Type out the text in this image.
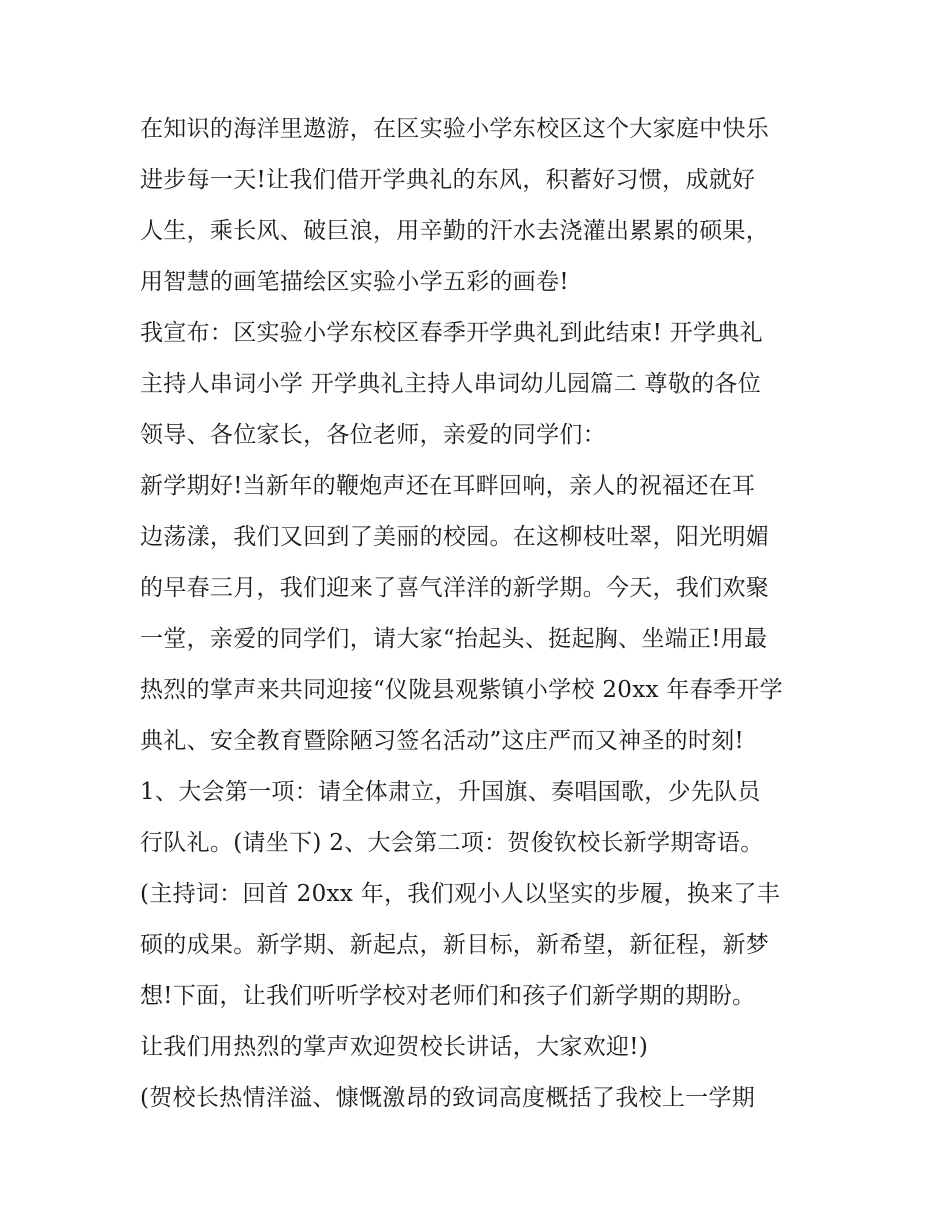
在知识的海洋里遨游，在区实验小学东校区这个大家庭中快乐
进步每一天!让我们借开学典礼的东风，积蓄好习惯，成就好
人生，乘长风、破巨浪，用辛勤的汗水去浇灌出累累的硕果，
用智慧的画笔描绘区实验小学五彩的画卷!
我宣布：区实验小学东校区春季开学典礼到此结束! 开学典礼
主持人串词小学 开学典礼主持人串词幼儿园篇二 尊敬的各位
领导、各位家长，各位老师，亲爱的同学们：
新学期好!当新年的鞭炮声还在耳畔回响，亲人的祝福还在耳
边荡漾，我们又回到了美丽的校园。在这柳枝吐翠，阳光明媚
的早春三月，我们迎来了喜气洋洋的新学期。今天，我们欢聚
一堂，亲爱的同学们，请大家“抬起头、挺起胸、坐端正!用最
热烈的掌声来共同迎接“仪陇县观紫镇小学校 20xx 年春季开学
典礼、安全教育暨除陋习签名活动”这庄严而又神圣的时刻!
1、大会第一项：请全体肃立，升国旗、奏唱国歌，少先队员
行队礼。(请坐下) 2、大会第二项：贺俊钦校长新学期寄语。
(主持词：回首 20xx 年，我们观小人以坚实的步履，换来了丰
硕的成果。新学期、新起点，新目标，新希望，新征程，新梦
想!下面，让我们听听学校对老师们和孩子们新学期的期盼。
让我们用热烈的掌声欢迎贺校长讲话，大家欢迎!)
(贺校长热情洋溢、慷慨激昂的致词高度概括了我校上一学期
